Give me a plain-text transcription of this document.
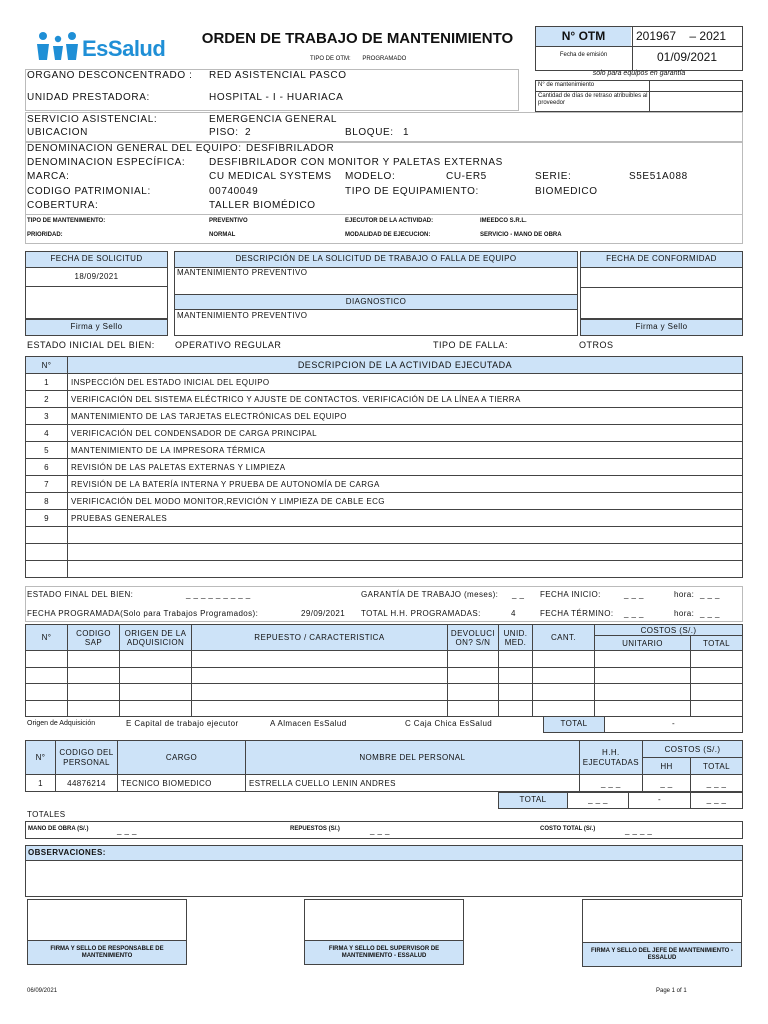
EsSalud	ORDEN DE TRABAJO DE MANTENIMIENTO
TIPO DE OTM: PROGRAMADO
N° OTM	201967 – 2021
Fecha de emisión	01/09/2021
solo para equipos en garantía
N° de mantenimiento
Cantidad de días de retraso atribuibles al proveedor
ORGANO DESCONCENTRADO : RED ASISTENCIAL PASCO
UNIDAD PRESTADORA:	HOSPITAL - I - HUARIACA
SERVICIO ASISTENCIAL:	EMERGENCIA GENERAL
UBICACION	PISO: 2	BLOQUE: 1
DENOMINACION GENERAL DEL EQUIPO: DESFIBRILADOR
DENOMINACION ESPECÍFICA: DESFIBRILADOR CON MONITOR Y PALETAS EXTERNAS
MARCA:	CU MEDICAL SYSTEMS MODELO:	CU-ER5	SERIE:	S5E51A088
CODIGO PATRIMONIAL:	00740049	TIPO DE EQUIPAMIENTO:	BIOMEDICO
COBERTURA:	TALLER BIOMÉDICO
TIPO DE MANTENIMIENTO:	PREVENTIVO	EJECUTOR DE LA ACTIVIDAD:	IMEEDCO S.R.L.
PRIORIDAD:	NORMAL	MODALIDAD DE EJECUCION:	SERVICIO - MANO DE OBRA
FECHA DE SOLICITUD
18/09/2021
Firma y Sello
DESCRIPCIÓN DE LA SOLICITUD DE TRABAJO O FALLA DE EQUIPO
MANTENIMIENTO PREVENTIVO
DIAGNOSTICO
MANTENIMIENTO PREVENTIVO
FECHA DE CONFORMIDAD
Firma y Sello
ESTADO INICIAL DEL BIEN: OPERATIVO REGULAR	TIPO DE FALLA:	OTROS
N°	DESCRIPCION DE LA ACTIVIDAD EJECUTADA
1	INSPECCIÓN DEL ESTADO INICIAL DEL EQUIPO
2	VERIFICACIÓN DEL SISTEMA ELÉCTRICO Y AJUSTE DE CONTACTOS. VERIFICACIÓN DE LA LÍNEA A TIERRA
3	MANTENIMIENTO DE LAS TARJETAS ELECTRÓNICAS DEL EQUIPO
4	VERIFICACIÓN DEL CONDENSADOR DE CARGA PRINCIPAL
5	MANTENIMIENTO DE LA IMPRESORA TÉRMICA
6	REVISIÓN DE LAS PALETAS EXTERNAS Y LIMPIEZA
7	REVISIÓN DE LA BATERÍA INTERNA Y PRUEBA DE AUTONOMÍA DE CARGA
8	VERIFICACIÓN DEL MODO MONITOR,REVICIÓN Y LIMPIEZA DE CABLE ECG
9	PRUEBAS GENERALES

ESTADO FINAL DEL BIEN:	_ _ _ _ _ _ _ _ _	GARANTÍA DE TRABAJO (meses): _ _ FECHA INICIO:	_ _ _	hora: _ _ _
FECHA PROGRAMADA(Solo para Trabajos Programados):	29/09/2021 TOTAL H.H. PROGRAMADAS:	4	FECHA TÉRMINO: _ _ _	hora: _ _ _
N°	CODIGO SAP	ORIGEN DE LA ADQUISICION	REPUESTO / CARACTERISTICA	DEVOLUCI ON? S/N	UNID. MED.	CANT.	COSTOS (S/.)	
							UNITARIO	TOTAL

Origen de Adquisición	E Capital de trabajo ejecutor	A Almacen EsSalud	C Caja Chica EsSalud	TOTAL	-
N°	CODIGO DEL PERSONAL	CARGO	NOMBRE DEL PERSONAL	H.H. EJECUTADAS	COSTOS (S/.)	
					HH	TOTAL
1	44876214	TECNICO BIOMEDICO	ESTRELLA CUELLO LENIN ANDRES	_ _ _	_ _	_ _ _
TOTAL	_ _ _	-	_ _ _
TOTALES
MANO DE OBRA (S/.)	_ _ _	REPUESTOS (S/.)	_ _ _	COSTO TOTAL (S/.)	_ _ _ _
OBSERVACIONES:
FIRMA Y SELLO DE RESPONSABLE DE MANTENIMIENTO
FIRMA Y SELLO DEL SUPERVISOR DE MANTENIMIENTO - ESSALUD
FIRMA Y SELLO DEL JEFE DE MANTENIMIENTO - ESSALUD
06/09/2021	Page 1 of 1
